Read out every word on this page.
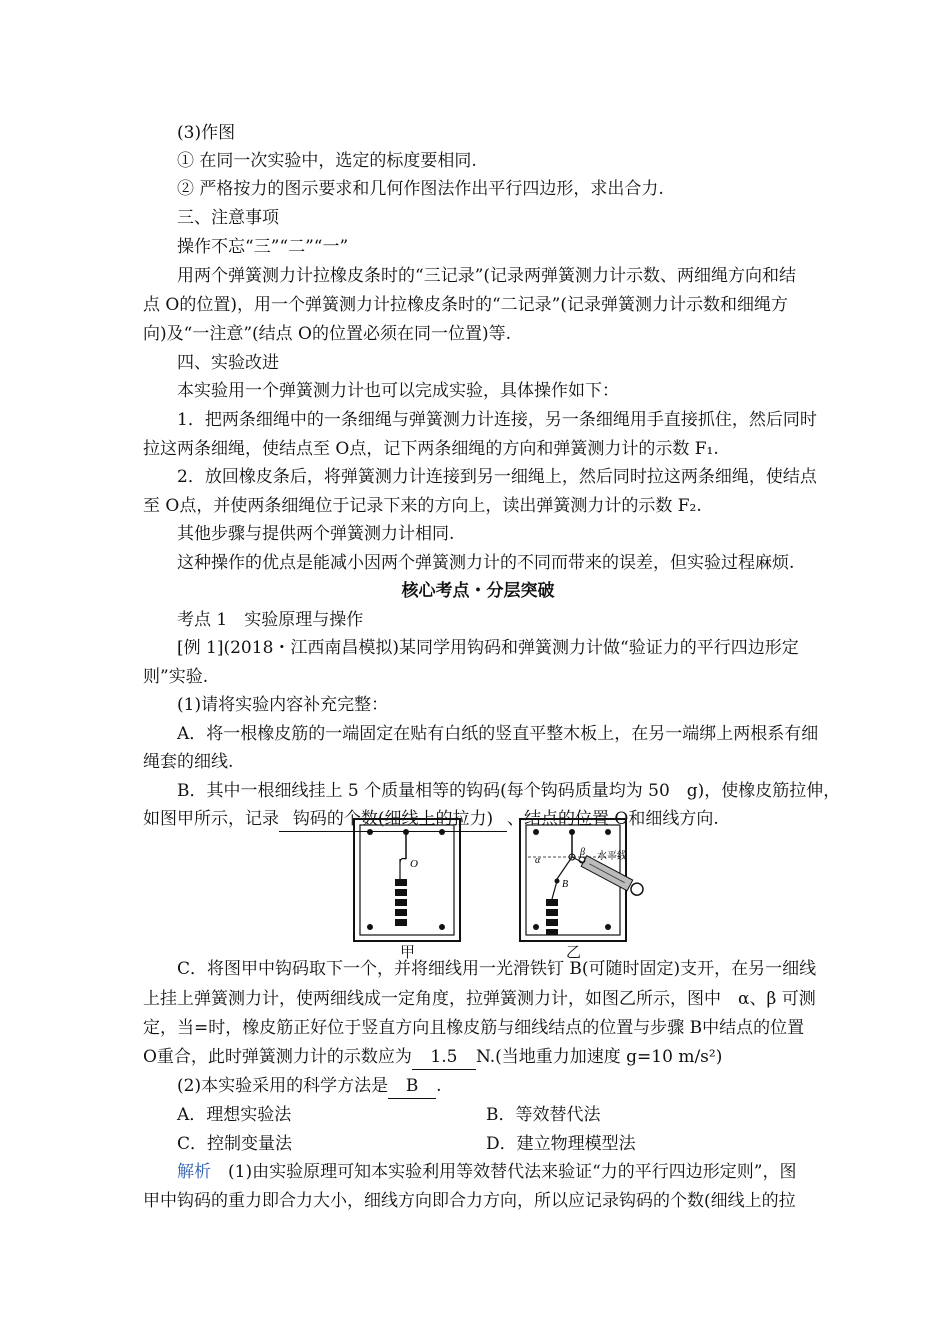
(3)作图
① 在同一次实验中，选定的标度要相同.
② 严格按力的图示要求和几何作图法作出平行四边形，求出合力.
三、注意事项
操作不忘“三”“二”“一”
用两个弹簧测力计拉橡皮条时的“三记录”(记录两弹簧测力计示数、两细绳方向和结
点 O的位置)，用一个弹簧测力计拉橡皮条时的“二记录”(记录弹簧测力计示数和细绳方
向)及“一注意”(结点 O的位置必须在同一位置)等.
四、实验改进
本实验用一个弹簧测力计也可以完成实验，具体操作如下：
1．把两条细绳中的一条细绳与弹簧测力计连接，另一条细绳用手直接抓住，然后同时
拉这两条细绳，使结点至 O点，记下两条细绳的方向和弹簧测力计的示数 F₁.
2．放回橡皮条后，将弹簧测力计连接到另一细绳上，然后同时拉这两条细绳，使结点
至 O点，并使两条细绳位于记录下来的方向上，读出弹簧测力计的示数 F₂.
其他步骤与提供两个弹簧测力计相同.
这种操作的优点是能减小因两个弹簧测力计的不同而带来的误差，但实验过程麻烦.
核心考点・分层突破
考点 1　实验原理与操作
[例 1](2018・江西南昌模拟)某同学用钩码和弹簧测力计做“验证力的平行四边形定
则”实验.
(1)请将实验内容补充完整：
A．将一根橡皮筋的一端固定在贴有白纸的竖直平整木板上，在另一端绑上两根系有细
绳套的细线.
B．其中一根细线挂上 5 个质量相等的钩码(每个钩码质量均为 50　g)，使橡皮筋拉伸，
如图甲所示，记录 钩码的个数(细线上的拉力) 、结点的位置 O和细线方向.
O	α
β
B
水平线
甲	乙
C．将图甲中钩码取下一个，并将细线用一光滑铁钉 B(可随时固定)支开，在另一细线
上挂上弹簧测力计，使两细线成一定角度，拉弹簧测力计，如图乙所示，图中　α、β 可测
定，当=时，橡皮筋正好位于竖直方向且橡皮筋与细线结点的位置与步骤 B中结点的位置
O重合，此时弹簧测力计的示数应为 1.5 N.(当地重力加速度 g=10 m/s²)
(2)本实验采用的科学方法是 B .
A．理想实验法	B．等效替代法
C．控制变量法	D．建立物理模型法
解析　 (1)由实验原理可知本实验利用等效替代法来验证“力的平行四边形定则”，图
甲中钩码的重力即合力大小，细线方向即合力方向，所以应记录钩码的个数(细线上的拉
